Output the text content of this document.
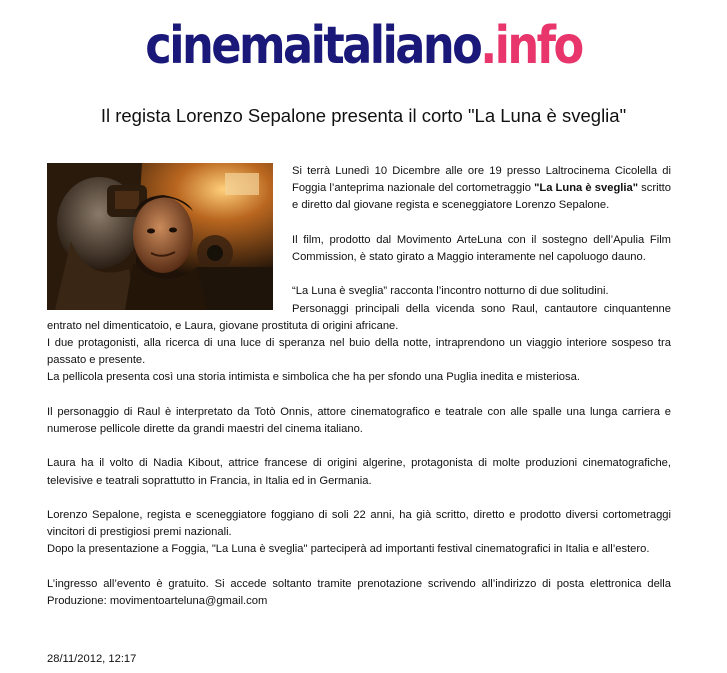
cinemaitaliano.info
Il regista Lorenzo Sepalone presenta il corto "La Luna è sveglia"

Si terrà Lunedì 10 Dicembre alle ore 19 presso Laltrocinema Cicolella di Foggia l’anteprima nazionale del cortometraggio "La Luna è sveglia" scritto e diretto dal giovane regista e sceneggiatore Lorenzo Sepalone.

Il film, prodotto dal Movimento ArteLuna con il sostegno dell’Apulia Film Commission, è stato girato a Maggio interamente nel capoluogo dauno.

“La Luna è sveglia” racconta l’incontro notturno di due solitudini.

Personaggi principali della vicenda sono Raul, cantautore cinquantenne entrato nel dimenticatoio, e Laura, giovane prostituta di origini africane.

I due protagonisti, alla ricerca di una luce di speranza nel buio della notte, intraprendono un viaggio interiore sospeso tra passato e presente.

La pellicola presenta così una storia intimista e simbolica che ha per sfondo una Puglia inedita e misteriosa.

Il personaggio di Raul è interpretato da Totò Onnis, attore cinematografico e teatrale con alle spalle una lunga carriera e numerose pellicole dirette da grandi maestri del cinema italiano.

Laura ha il volto di Nadia Kibout, attrice francese di origini algerine, protagonista di molte produzioni cinematografiche, televisive e teatrali soprattutto in Francia, in Italia ed in Germania.

Lorenzo Sepalone, regista e sceneggiatore foggiano di soli 22 anni, ha già scritto, diretto e prodotto diversi cortometraggi vincitori di prestigiosi premi nazionali.

Dopo la presentazione a Foggia, "La Luna è sveglia" parteciperà ad importanti festival cinematografici in Italia e all’estero.

L’ingresso all’evento è gratuito. Si accede soltanto tramite prenotazione scrivendo all’indirizzo di posta elettronica della Produzione: movimentoarteluna@gmail.com

28/11/2012, 12:17
